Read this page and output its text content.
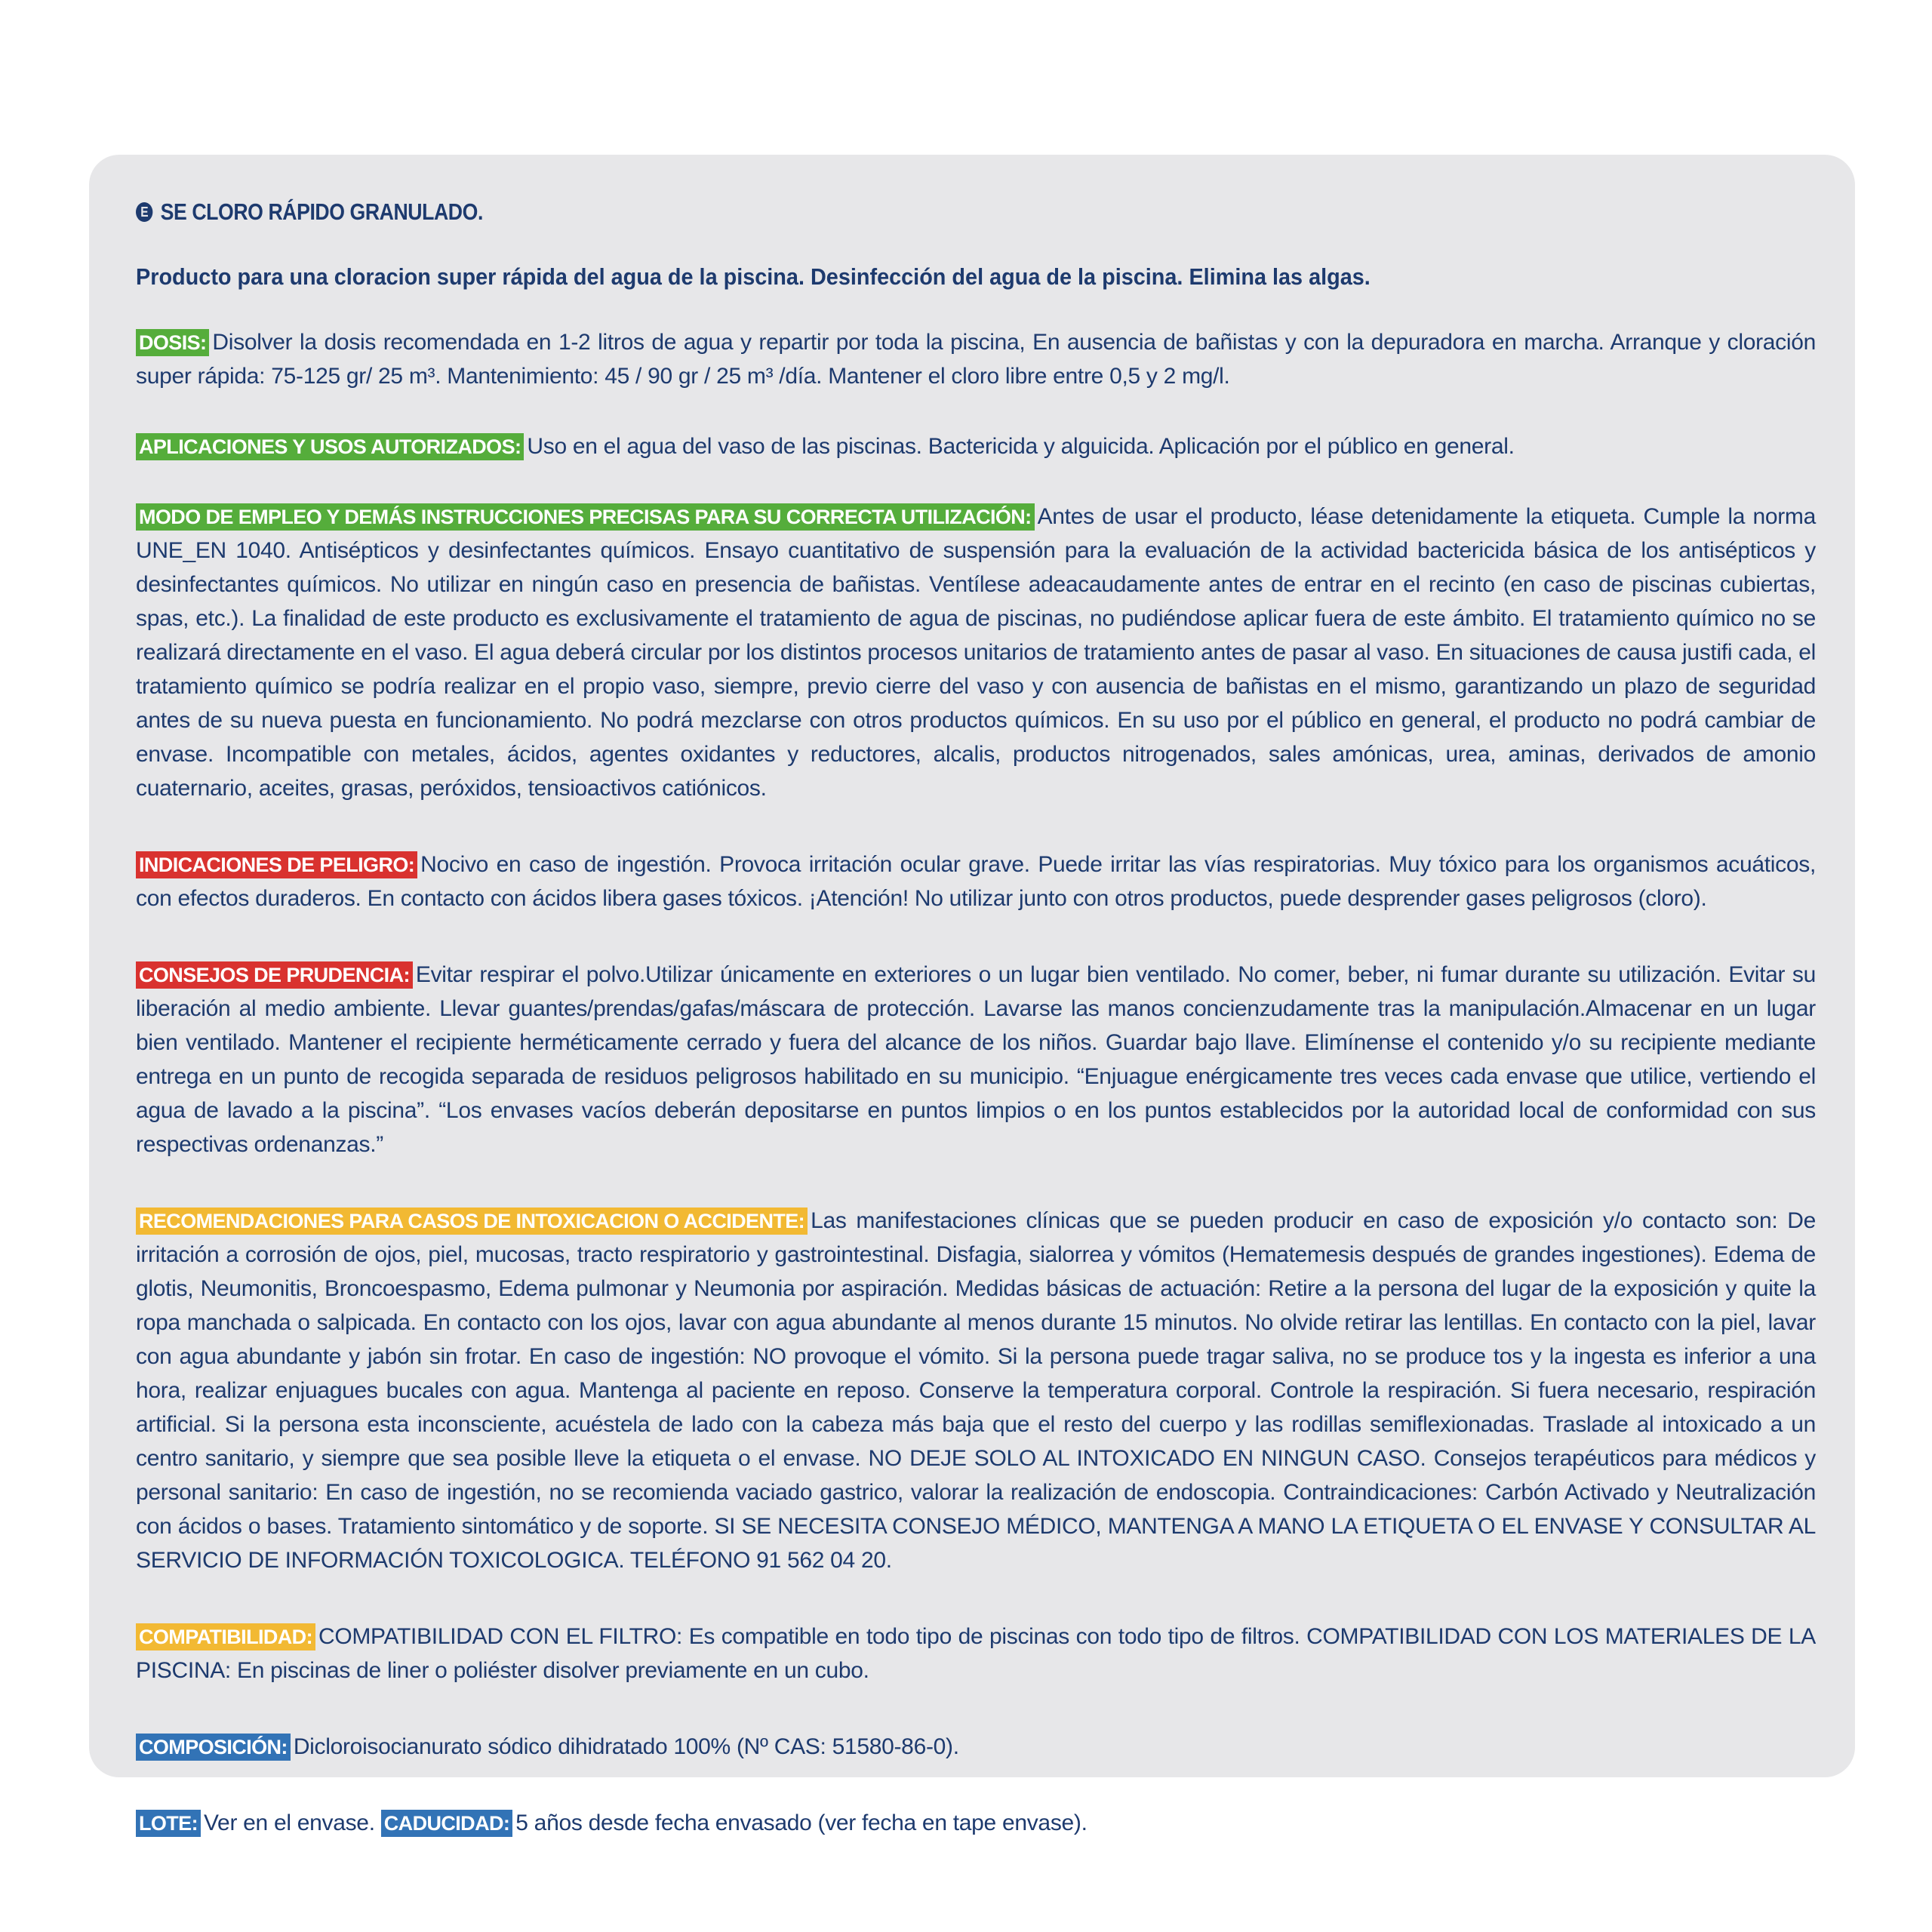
E SE CLORO RÁPIDO GRANULADO.
Producto para una cloracion super rápida del agua de la piscina. Desinfección del agua de la piscina. Elimina las algas.
DOSIS: Disolver la dosis recomendada en 1-2 litros de agua y repartir por toda la piscina, En ausencia de bañistas y con la depuradora en marcha. Arranque y cloración super rápida: 75-125 gr/ 25 m³. Mantenimiento: 45 / 90 gr / 25 m³ /día. Mantener el cloro libre entre 0,5 y 2 mg/l.
APLICACIONES Y USOS AUTORIZADOS: Uso en el agua del vaso de las piscinas. Bactericida y alguicida. Aplicación por el público en general.
MODO DE EMPLEO Y DEMÁS INSTRUCCIONES PRECISAS PARA SU CORRECTA UTILIZACIÓN: Antes de usar el producto, léase detenidamente la etiqueta. Cumple la norma UNE_EN 1040. Antisépticos y desinfectantes químicos. Ensayo cuantitativo de suspensión para la evaluación de la actividad bactericida básica de los antisépticos y desinfectantes químicos. No utilizar en ningún caso en presencia de bañistas. Ventílese adeacaudamente antes de entrar en el recinto (en caso de piscinas cubiertas, spas, etc.). La finalidad de este producto es exclusivamente el tratamiento de agua de piscinas, no pudiéndose aplicar fuera de este ámbito. El tratamiento químico no se realizará directamente en el vaso. El agua deberá circular por los distintos procesos unitarios de tratamiento antes de pasar al vaso. En situaciones de causa justifi cada, el tratamiento químico se podría realizar en el propio vaso, siempre, previo cierre del vaso y con ausencia de bañistas en el mismo, garantizando un plazo de seguridad antes de su nueva puesta en funcionamiento. No podrá mezclarse con otros productos químicos. En su uso por el público en general, el producto no podrá cambiar de envase. Incompatible con metales, ácidos, agentes oxidantes y reductores, alcalis, productos nitrogenados, sales amónicas, urea, aminas, derivados de amonio cuaternario, aceites, grasas, peróxidos, tensioactivos catiónicos.
INDICACIONES DE PELIGRO: Nocivo en caso de ingestión. Provoca irritación ocular grave. Puede irritar las vías respiratorias. Muy tóxico para los organismos acuáticos, con efectos duraderos. En contacto con ácidos libera gases tóxicos. ¡Atención! No utilizar junto con otros productos, puede desprender gases peligrosos (cloro).
CONSEJOS DE PRUDENCIA: Evitar respirar el polvo.Utilizar únicamente en exteriores o un lugar bien ventilado. No comer, beber, ni fumar durante su utilización. Evitar su liberación al medio ambiente. Llevar guantes/prendas/gafas/máscara de protección. Lavarse las manos concienzudamente tras la manipulación.Almacenar en un lugar bien ventilado. Mantener el recipiente herméticamente cerrado y fuera del alcance de los niños. Guardar bajo llave. Elimínense el contenido y/o su recipiente mediante entrega en un punto de recogida separada de residuos peligrosos habilitado en su municipio. “Enjuague enérgicamente tres veces cada envase que utilice, vertiendo el agua de lavado a la piscina”. “Los envases vacíos deberán depositarse en puntos limpios o en los puntos establecidos por la autoridad local de conformidad con sus respectivas ordenanzas.”
RECOMENDACIONES PARA CASOS DE INTOXICACION O ACCIDENTE: Las manifestaciones clínicas que se pueden producir en caso de exposición y/o contacto son: De irritación a corrosión de ojos, piel, mucosas, tracto respiratorio y gastrointestinal. Disfagia, sialorrea y vómitos (Hematemesis después de grandes ingestiones). Edema de glotis, Neumonitis, Broncoespasmo, Edema pulmonar y Neumonia por aspiración. Medidas básicas de actuación: Retire a la persona del lugar de la exposición y quite la ropa manchada o salpicada. En contacto con los ojos, lavar con agua abundante al menos durante 15 minutos. No olvide retirar las lentillas. En contacto con la piel, lavar con agua abundante y jabón sin frotar. En caso de ingestión: NO provoque el vómito. Si la persona puede tragar saliva, no se produce tos y la ingesta es inferior a una hora, realizar enjuagues bucales con agua. Mantenga al paciente en reposo. Conserve la temperatura corporal. Controle la respiración. Si fuera necesario, respiración artificial. Si la persona esta inconsciente, acuéstela de lado con la cabeza más baja que el resto del cuerpo y las rodillas semiflexionadas. Traslade al intoxicado a un centro sanitario, y siempre que sea posible lleve la etiqueta o el envase. NO DEJE SOLO AL INTOXICADO EN NINGUN CASO. Consejos terapéuticos para médicos y personal sanitario: En caso de ingestión, no se recomienda vaciado gastrico, valorar la realización de endoscopia. Contraindicaciones: Carbón Activado y Neutralización con ácidos o bases. Tratamiento sintomático y de soporte. SI SE NECESITA CONSEJO MÉDICO, MANTENGA A MANO LA ETIQUETA O EL ENVASE Y CONSULTAR AL SERVICIO DE INFORMACIÓN TOXICOLOGICA. TELÉFONO 91 562 04 20.
COMPATIBILIDAD: COMPATIBILIDAD CON EL FILTRO: Es compatible en todo tipo de piscinas con todo tipo de filtros. COMPATIBILIDAD CON LOS MATERIALES DE LA PISCINA: En piscinas de liner o poliéster disolver previamente en un cubo.
COMPOSICIÓN: Dicloroisocianurato sódico dihidratado 100% (Nº CAS: 51580-86-0).
LOTE: Ver en el envase. CADUCIDAD: 5 años desde fecha envasado (ver fecha en tape envase).
